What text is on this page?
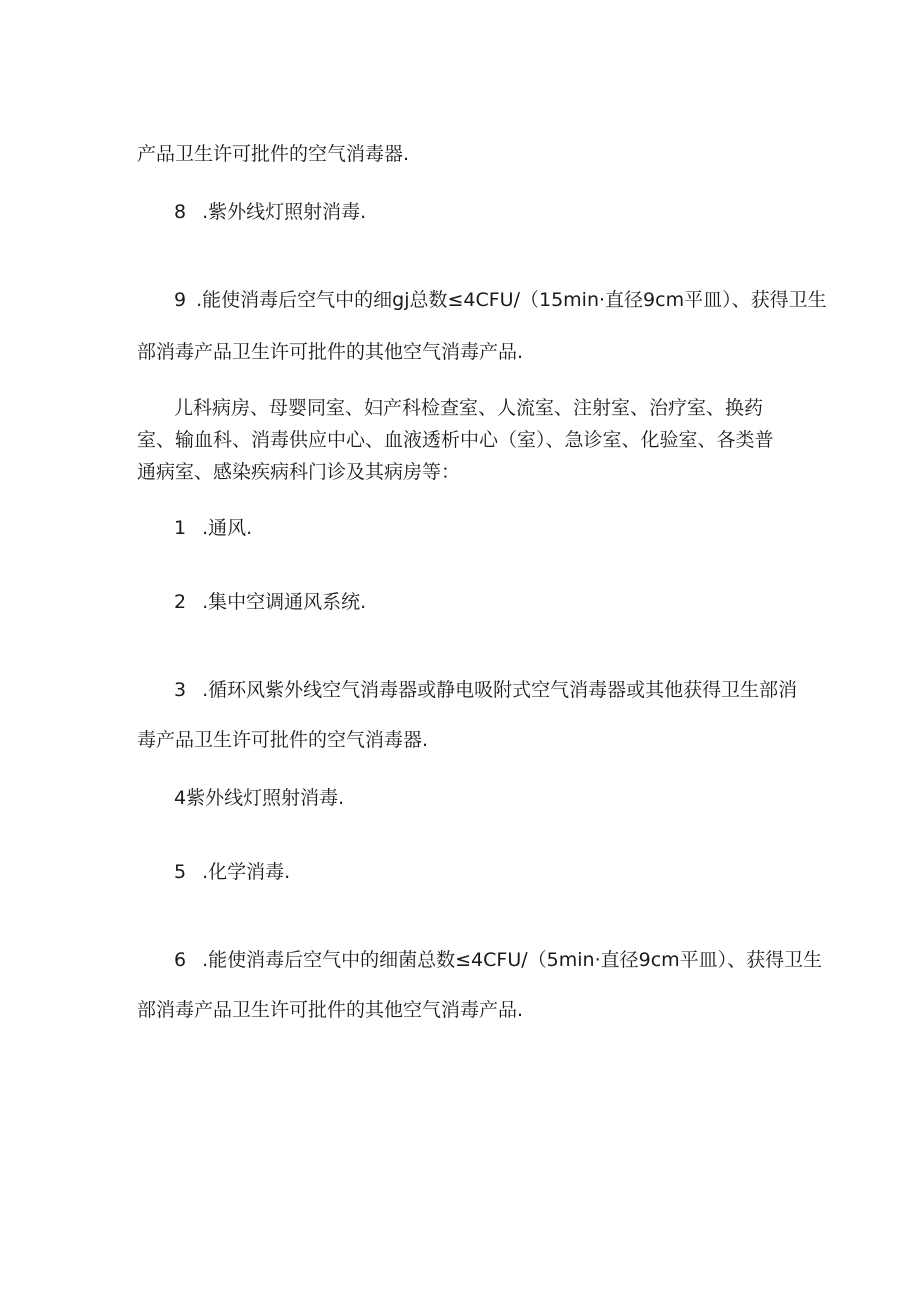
产品卫生许可批件的空气消毒器.
8 .紫外线灯照射消毒.
9 .能使消毒后空气中的细gj总数≤4CFU∕（15min·直径9cm平皿）、获得卫生
部消毒产品卫生许可批件的其他空气消毒产品.
儿科病房、母婴同室、妇产科检查室、人流室、注射室、治疗室、换药
室、输血科、消毒供应中心、血液透析中心（室）、急诊室、化验室、各类普
通病室、感染疾病科门诊及其病房等：
1 .通风.
2 .集中空调通风系统.
3 .循环风紫外线空气消毒器或静电吸附式空气消毒器或其他获得卫生部消
毒产品卫生许可批件的空气消毒器.
4紫外线灯照射消毒.
5 .化学消毒.
6 .能使消毒后空气中的细菌总数≤4CFU∕（5min·直径9cm平皿）、获得卫生
部消毒产品卫生许可批件的其他空气消毒产品.
